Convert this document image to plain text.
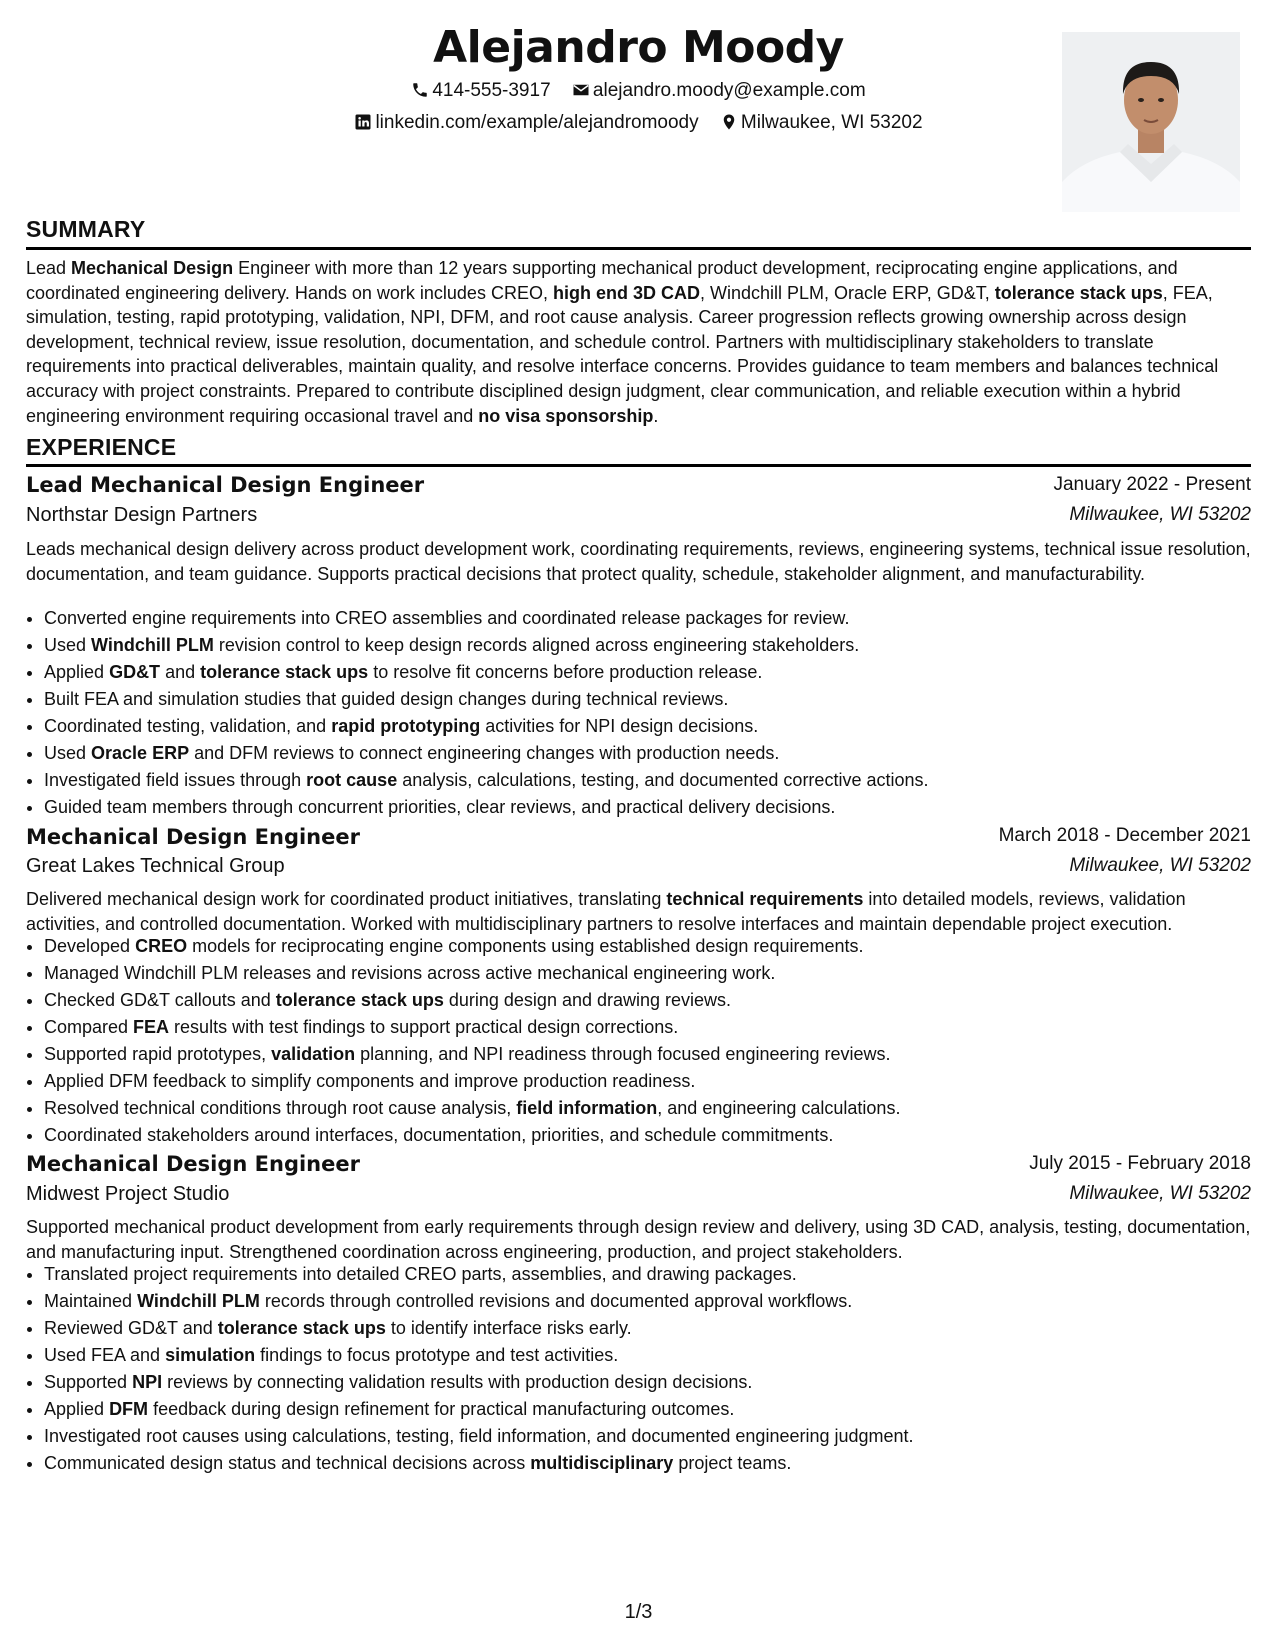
Alejandro Moody
414-555-3917 alejandro.moody@example.com
linkedin.com/example/alejandromoody Milwaukee, WI 53202
SUMMARY
Lead Mechanical Design Engineer with more than 12 years supporting mechanical product development, reciprocating engine applications, and coordinated engineering delivery. Hands on work includes CREO, high end 3D CAD, Windchill PLM, Oracle ERP, GD&T, tolerance stack ups, FEA, simulation, testing, rapid prototyping, validation, NPI, DFM, and root cause analysis. Career progression reflects growing ownership across design development, technical review, issue resolution, documentation, and schedule control. Partners with multidisciplinary stakeholders to translate requirements into practical deliverables, maintain quality, and resolve interface concerns. Provides guidance to team members and balances technical accuracy with project constraints. Prepared to contribute disciplined design judgment, clear communication, and reliable execution within a hybrid engineering environment requiring occasional travel and no visa sponsorship.
EXPERIENCE
Lead Mechanical Design Engineer	January 2022 - Present
Northstar Design Partners	Milwaukee, WI 53202
Leads mechanical design delivery across product development work, coordinating requirements, reviews, engineering systems, technical issue resolution, documentation, and team guidance. Supports practical decisions that protect quality, schedule, stakeholder alignment, and manufacturability.
• Converted engine requirements into CREO assemblies and coordinated release packages for review.
• Used Windchill PLM revision control to keep design records aligned across engineering stakeholders.
• Applied GD&T and tolerance stack ups to resolve fit concerns before production release.
• Built FEA and simulation studies that guided design changes during technical reviews.
• Coordinated testing, validation, and rapid prototyping activities for NPI design decisions.
• Used Oracle ERP and DFM reviews to connect engineering changes with production needs.
• Investigated field issues through root cause analysis, calculations, testing, and documented corrective actions.
• Guided team members through concurrent priorities, clear reviews, and practical delivery decisions.
Mechanical Design Engineer	March 2018 - December 2021
Great Lakes Technical Group	Milwaukee, WI 53202
Delivered mechanical design work for coordinated product initiatives, translating technical requirements into detailed models, reviews, validation activities, and controlled documentation. Worked with multidisciplinary partners to resolve interfaces and maintain dependable project execution.
• Developed CREO models for reciprocating engine components using established design requirements.
• Managed Windchill PLM releases and revisions across active mechanical engineering work.
• Checked GD&T callouts and tolerance stack ups during design and drawing reviews.
• Compared FEA results with test findings to support practical design corrections.
• Supported rapid prototypes, validation planning, and NPI readiness through focused engineering reviews.
• Applied DFM feedback to simplify components and improve production readiness.
• Resolved technical conditions through root cause analysis, field information, and engineering calculations.
• Coordinated stakeholders around interfaces, documentation, priorities, and schedule commitments.
Mechanical Design Engineer	July 2015 - February 2018
Midwest Project Studio	Milwaukee, WI 53202
Supported mechanical product development from early requirements through design review and delivery, using 3D CAD, analysis, testing, documentation, and manufacturing input. Strengthened coordination across engineering, production, and project stakeholders.
• Translated project requirements into detailed CREO parts, assemblies, and drawing packages.
• Maintained Windchill PLM records through controlled revisions and documented approval workflows.
• Reviewed GD&T and tolerance stack ups to identify interface risks early.
• Used FEA and simulation findings to focus prototype and test activities.
• Supported NPI reviews by connecting validation results with production design decisions.
• Applied DFM feedback during design refinement for practical manufacturing outcomes.
• Investigated root causes using calculations, testing, field information, and documented engineering judgment.
• Communicated design status and technical decisions across multidisciplinary project teams.
1/3
